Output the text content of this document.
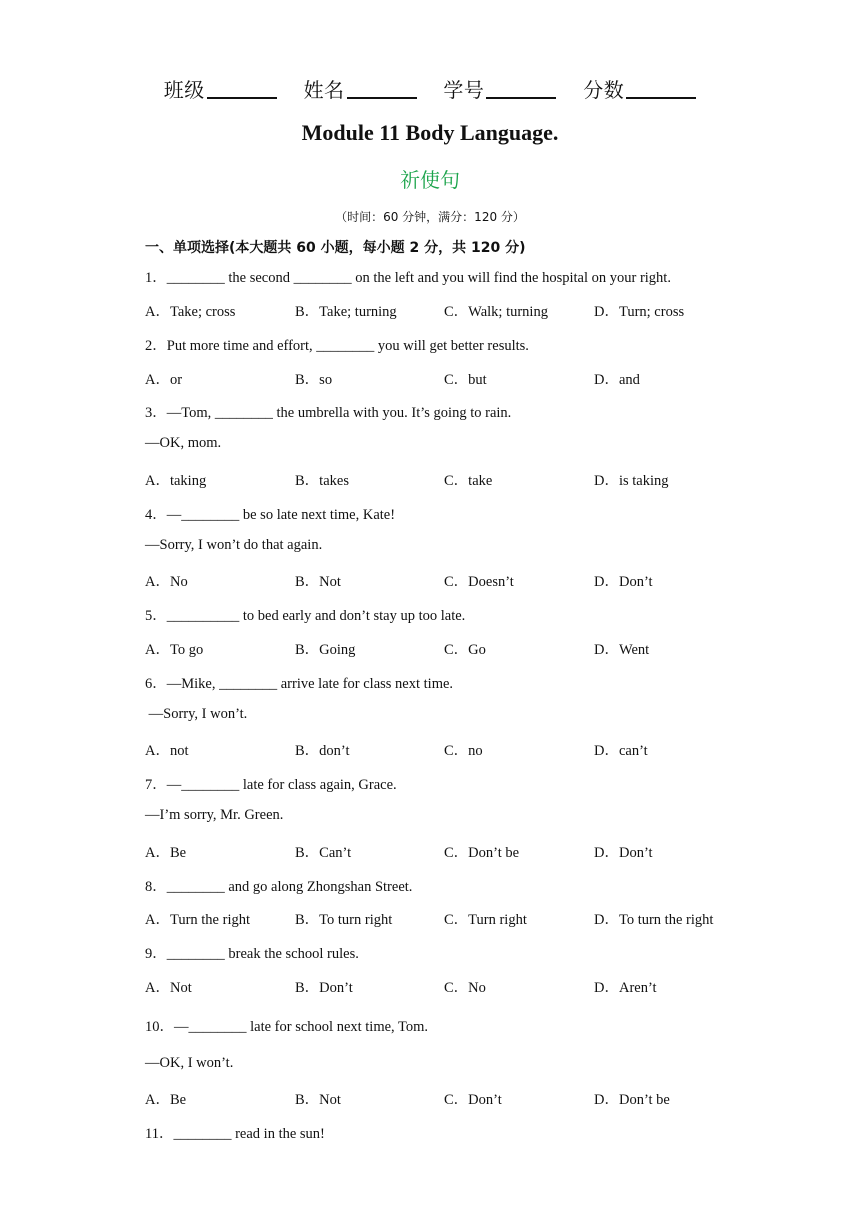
班级	姓名	学号	分数
Module 11 Body Language.
祈使句
（时间：60 分钟，满分：120 分）
一、单项选择(本大题共 60 小题，每小题 2 分，共 120 分)
1．________ the second ________ on the left and you will find the hospital on your right.
A．Take; cross	B．Take; turning	C．Walk; turning	D．Turn; cross
2．Put more time and effort, ________ you will get better results.
A．or	B．so	C．but	D．and
3．—Tom, ________ the umbrella with you. It’s going to rain.
—OK, mom.
A．taking	B．takes	C．take	D．is taking
4．—________ be so late next time, Kate!
—Sorry, I won’t do that again.
A．No	B．Not	C．Doesn’t	D．Don’t
5．__________ to bed early and don’t stay up too late.
A．To go	B．Going	C．Go	D．Went
6．—Mike, ________ arrive late for class next time.
—Sorry, I won’t.
A．not	B．don’t	C．no	D．can’t
7．—________ late for class again, Grace.
—I’m sorry, Mr. Green.
A．Be	B．Can’t	C．Don’t be	D．Don’t
8．________ and go along Zhongshan Street.
A．Turn the right	B．To turn right	C．Turn right	D．To turn the right
9．________ break the school rules.
A．Not	B．Don’t	C．No	D．Aren’t
10．—________ late for school next time, Tom.
—OK, I won’t.
A．Be	B．Not	C．Don’t	D．Don’t be
11．________ read in the sun!
